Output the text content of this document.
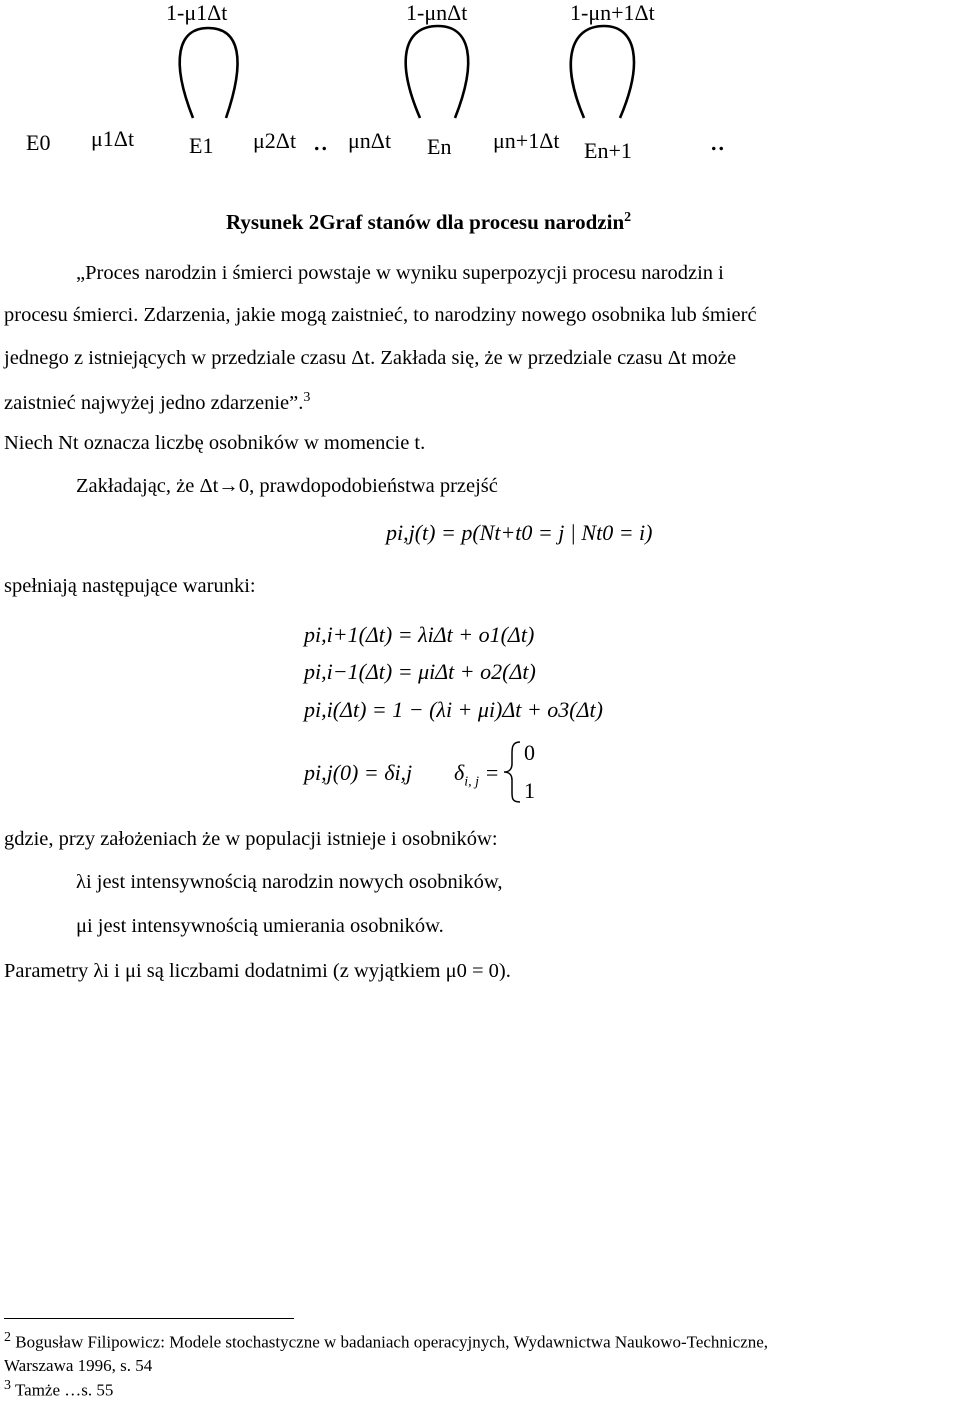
1-μ1Δt	1-μnΔt	1-μn+1Δt
E0 μ1Δt E1 μ2Δt .. μnΔt En μn+1Δt En+1	..
Rysunek 2Graf stanów dla procesu narodzin$^2$
„Proces narodzin i śmierci powstaje w wyniku superpozycji procesu narodzin i
procesu śmierci. Zdarzenia, jakie mogą zaistnieć, to narodziny nowego osobnika lub śmierć
jednego z istniejących w przedziale czasu Δt. Zakłada się, że w przedziale czasu Δt może
zaistnieć najwyżej jedno zdarzenie”.$^3$
Niech Nt oznacza liczbę osobników w momencie t.
Zakładając, że Δt→0, prawdopodobieństwa przejść
pi,j(t) = p(Nt+t0 = j | Nt0 = i)
spełniają następujące warunki:
pi,i+1(Δt) = λiΔt + o1(Δt)
pi,i−1(Δt) = μiΔt + o2(Δt)
pi,i(Δt) = 1 − (λi + μi)Δt + o3(Δt)
pi,j(0) = δi,j $\delta_{i, j}$ =
0
1
gdzie, przy założeniach że w populacji istnieje i osobników:
λi jest intensywnością narodzin nowych osobników,
μi jest intensywnością umierania osobników.
Parametry λi i μi są liczbami dodatnimi (z wyjątkiem μ0 = 0).
$^2$ Bogusław Filipowicz: Modele stochastyczne w badaniach operacyjnych, Wydawnictwa Naukowo-Techniczne,
Warszawa 1996, s. 54
$^3$ Tamże …s. 55
